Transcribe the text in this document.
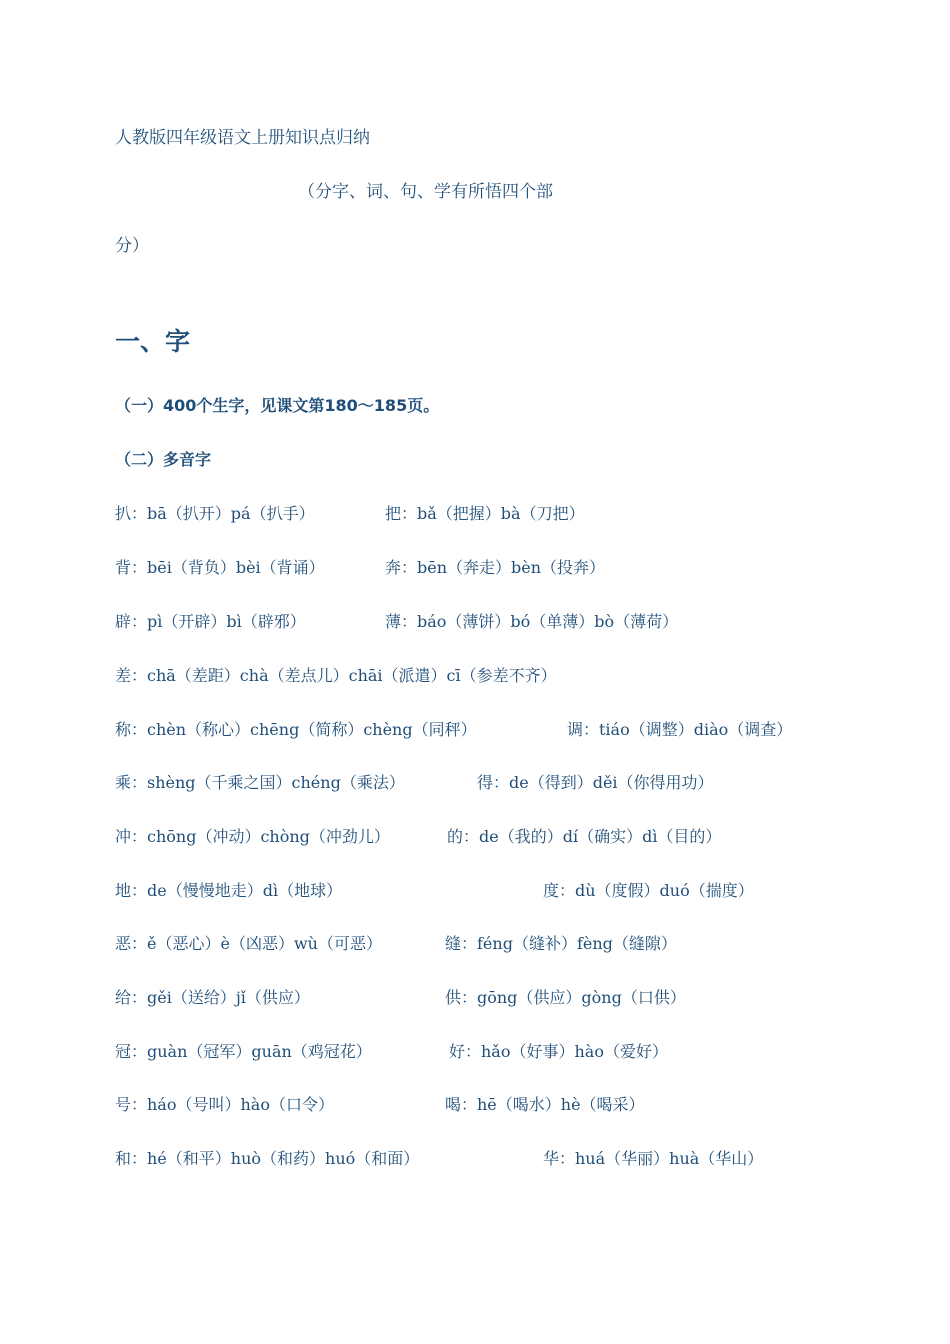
人教版四年级语文上册知识点归纳
（分字、词、句、学有所悟四个部
分）
一、字
（一）400个生字，见课文第180～185页。
（二）多音字
扒：bā（扒开）pá（扒手）	把：bǎ（把握）bà（刀把）
背：bēi（背负）bèi（背诵）	奔：bēn（奔走）bèn（投奔）
辟：pì（开辟）bì（辟邪）	薄：báo（薄饼）bó（单薄）bò（薄荷）
差：chā（差距）chà（差点儿）chāi（派遣）cī（参差不齐）
称：chèn（称心）chēng（简称）chèng（同秤）	调：tiáo（调整）diào（调查）
乘：shèng（千乘之国）chéng（乘法）	得：de（得到）děi（你得用功）
冲：chōng（冲动）chòng（冲劲儿）	的：de（我的）dí（确实）dì（目的）
地：de（慢慢地走）dì（地球）	度：dù（度假）duó（揣度）
恶：ě（恶心）è（凶恶）wù（可恶）	缝：féng（缝补）fèng（缝隙）
给：gěi（送给）jǐ（供应）	供：gōng（供应）gòng（口供）
冠：guàn（冠军）guān（鸡冠花）	好：hǎo（好事）hào（爱好）
号：háo（号叫）hào（口令）	喝：hē（喝水）hè（喝采）
和：hé（和平）huò（和药）huó（和面）	华：huá（华丽）huà（华山）
